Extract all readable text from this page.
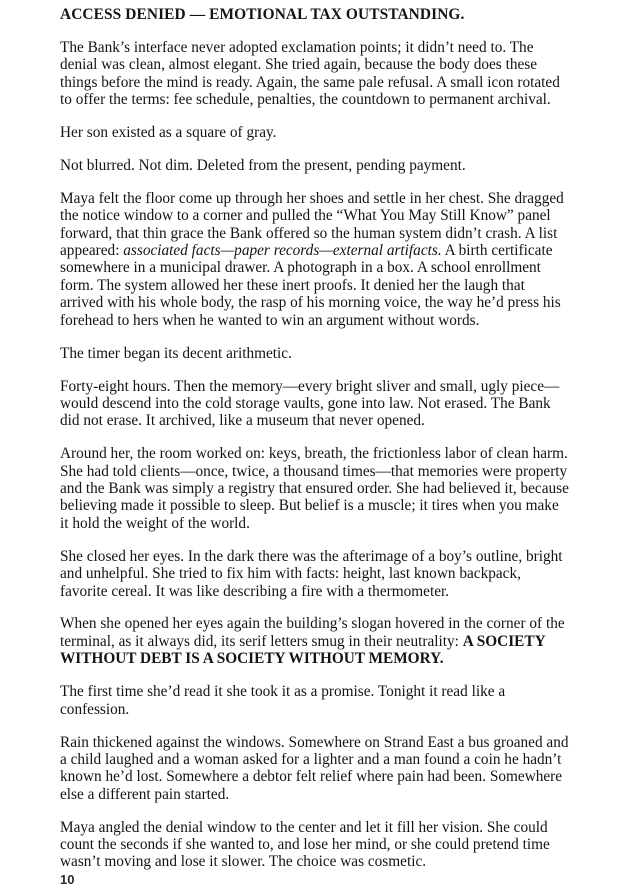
ACCESS DENIED — EMOTIONAL TAX OUTSTANDING.

The Bank’s interface never adopted exclamation points; it didn’t need to. The denial was clean, almost elegant. She tried again, because the body does these things before the mind is ready. Again, the same pale refusal. A small icon rotated to offer the terms: fee schedule, penalties, the countdown to permanent archival.

Her son existed as a square of gray.

Not blurred. Not dim. Deleted from the present, pending payment.

Maya felt the floor come up through her shoes and settle in her chest. She dragged the notice window to a corner and pulled the “What You May Still Know” panel forward, that thin grace the Bank offered so the human system didn’t crash. A list appeared: associated facts—paper records—external artifacts. A birth certificate somewhere in a municipal drawer. A photograph in a box. A school enrollment form. The system allowed her these inert proofs. It denied her the laugh that arrived with his whole body, the rasp of his morning voice, the way he’d press his forehead to hers when he wanted to win an argument without words.

The timer began its decent arithmetic.

Forty-eight hours. Then the memory—every bright sliver and small, ugly piece—would descend into the cold storage vaults, gone into law. Not erased. The Bank did not erase. It archived, like a museum that never opened.

Around her, the room worked on: keys, breath, the frictionless labor of clean harm. She had told clients—once, twice, a thousand times—that memories were property and the Bank was simply a registry that ensured order. She had believed it, because believing made it possible to sleep. But belief is a muscle; it tires when you make it hold the weight of the world.

She closed her eyes. In the dark there was the afterimage of a boy’s outline, bright and unhelpful. She tried to fix him with facts: height, last known backpack, favorite cereal. It was like describing a fire with a thermometer.

When she opened her eyes again the building’s slogan hovered in the corner of the terminal, as it always did, its serif letters smug in their neutrality: A SOCIETY WITHOUT DEBT IS A SOCIETY WITHOUT MEMORY.

The first time she’d read it she took it as a promise. Tonight it read like a confession.

Rain thickened against the windows. Somewhere on Strand East a bus groaned and a child laughed and a woman asked for a lighter and a man found a coin he hadn’t known he’d lost. Somewhere a debtor felt relief where pain had been. Somewhere else a different pain started.

Maya angled the denial window to the center and let it fill her vision. She could count the seconds if she wanted to, and lose her mind, or she could pretend time wasn’t moving and lose it slower. The choice was cosmetic.

10
